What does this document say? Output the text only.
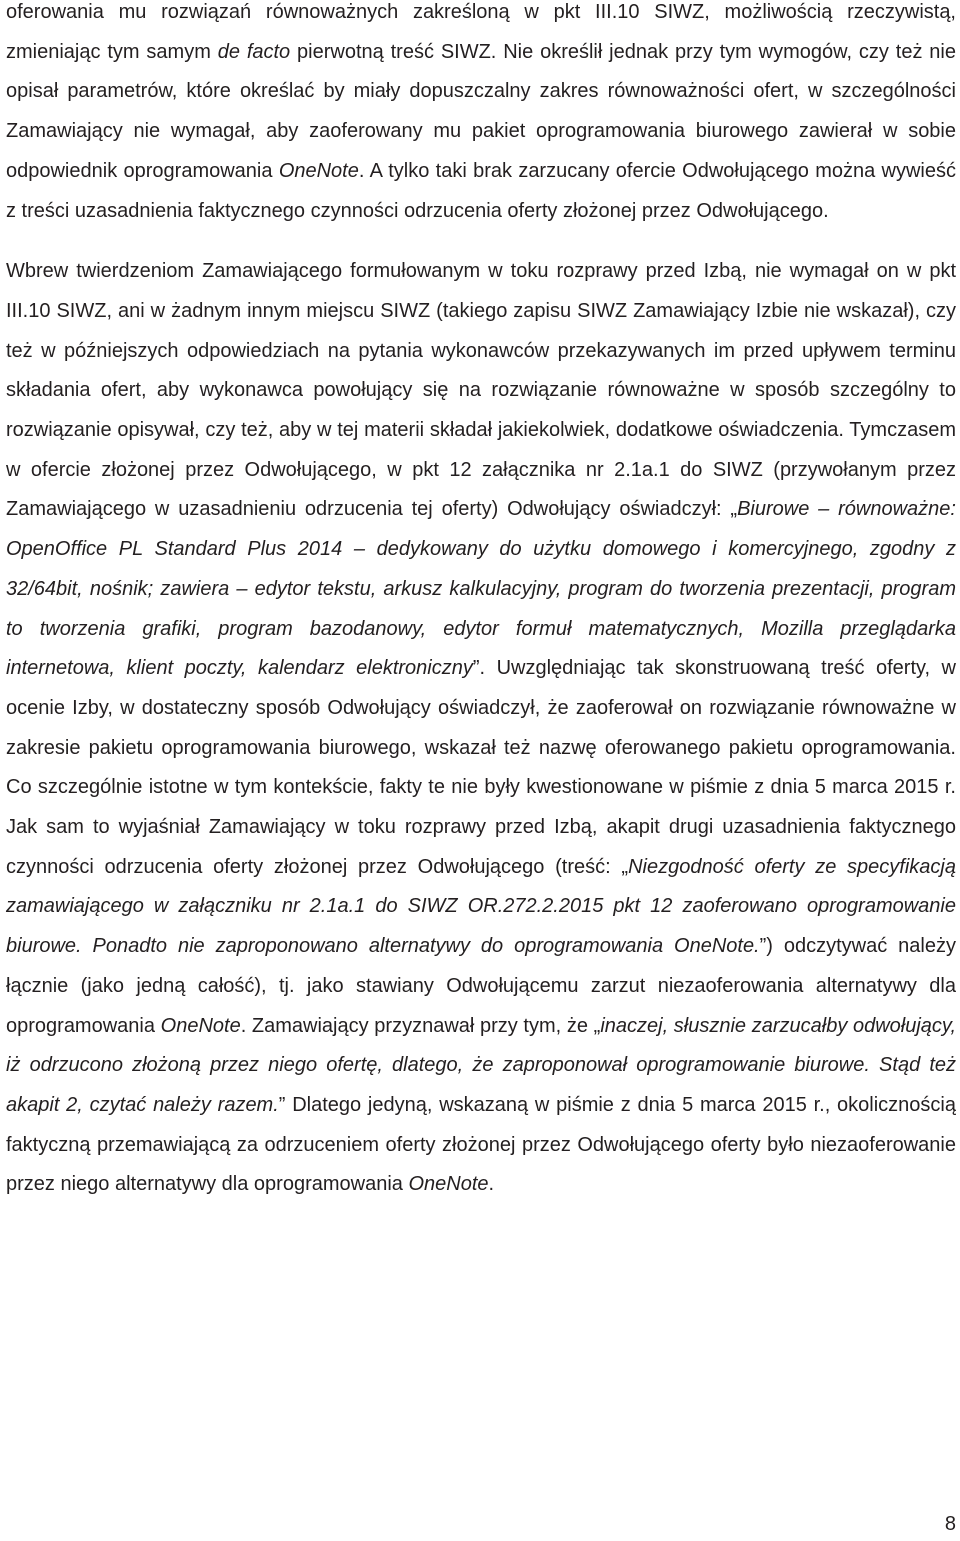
oferowania mu rozwiązań równoważnych zakreśloną w pkt III.10 SIWZ, możliwością rzeczywistą, zmieniając tym samym de facto pierwotną treść SIWZ. Nie określił jednak przy tym wymogów, czy też nie opisał parametrów, które określać by miały dopuszczalny zakres równoważności ofert, w szczególności Zamawiający nie wymagał, aby zaoferowany mu pakiet oprogramowania biurowego zawierał w sobie odpowiednik oprogramowania OneNote. A tylko taki brak zarzucany ofercie Odwołującego można wywieść z treści uzasadnienia faktycznego czynności odrzucenia oferty złożonej przez Odwołującego.

Wbrew twierdzeniom Zamawiającego formułowanym w toku rozprawy przed Izbą, nie wymagał on w pkt III.10 SIWZ, ani w żadnym innym miejscu SIWZ (takiego zapisu SIWZ Zamawiający Izbie nie wskazał), czy też w późniejszych odpowiedziach na pytania wykonawców przekazywanych im przed upływem terminu składania ofert, aby wykonawca powołujący się na rozwiązanie równoważne w sposób szczególny to rozwiązanie opisywał, czy też, aby w tej materii składał jakiekolwiek, dodatkowe oświadczenia. Tymczasem w ofercie złożonej przez Odwołującego, w pkt 12 załącznika nr 2.1a.1 do SIWZ (przywołanym przez Zamawiającego w uzasadnieniu odrzucenia tej oferty) Odwołujący oświadczył: „Biurowe – równoważne: OpenOffice PL Standard Plus 2014 – dedykowany do użytku domowego i komercyjnego, zgodny z 32/64bit, nośnik; zawiera – edytor tekstu, arkusz kalkulacyjny, program do tworzenia prezentacji, program to tworzenia grafiki, program bazodanowy, edytor formuł matematycznych, Mozilla przeglądarka internetowa, klient poczty, kalendarz elektroniczny”. Uwzględniając tak skonstruowaną treść oferty, w ocenie Izby, w dostateczny sposób Odwołujący oświadczył, że zaoferował on rozwiązanie równoważne w zakresie pakietu oprogramowania biurowego, wskazał też nazwę oferowanego pakietu oprogramowania. Co szczególnie istotne w tym kontekście, fakty te nie były kwestionowane w piśmie z dnia 5 marca 2015 r. Jak sam to wyjaśniał Zamawiający w toku rozprawy przed Izbą, akapit drugi uzasadnienia faktycznego czynności odrzucenia oferty złożonej przez Odwołującego (treść: „Niezgodność oferty ze specyfikacją zamawiającego w załączniku nr 2.1a.1 do SIWZ OR.272.2.2015 pkt 12 zaoferowano oprogramowanie biurowe. Ponadto nie zaproponowano alternatywy do oprogramowania OneNote.”) odczytywać należy łącznie (jako jedną całość), tj. jako stawiany Odwołującemu zarzut niezaoferowania alternatywy dla oprogramowania OneNote. Zamawiający przyznawał przy tym, że „inaczej, słusznie zarzucałby odwołujący, iż odrzucono złożoną przez niego ofertę, dlatego, że zaproponował oprogramowanie biurowe. Stąd też akapit 2, czytać należy razem.” Dlatego jedyną, wskazaną w piśmie z dnia 5 marca 2015 r., okolicznością faktyczną przemawiającą za odrzuceniem oferty złożonej przez Odwołującego oferty było niezaoferowanie przez niego alternatywy dla oprogramowania OneNote.

8
